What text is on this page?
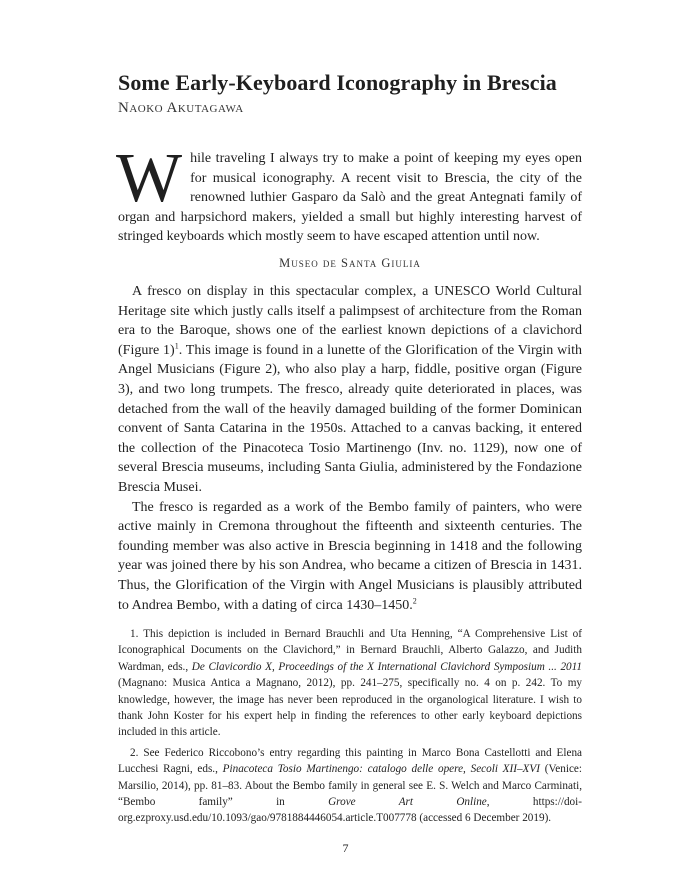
Some Early-Keyboard Iconography in Brescia
Naoko Akutagawa

While traveling I always try to make a point of keeping my eyes open for musical iconography. A recent visit to Brescia, the city of the renowned luthier Gasparo da Salò and the great Antegnati family of organ and harpsichord makers, yielded a small but highly interesting harvest of stringed keyboards which mostly seem to have escaped attention until now.

Museo de Santa Giulia

A fresco on display in this spectacular complex, a UNESCO World Cultural Heritage site which justly calls itself a palimpsest of architecture from the Roman era to the Baroque, shows one of the earliest known depictions of a clavichord (Figure 1)$^1$. This image is found in a lunette of the Glorification of the Virgin with Angel Musicians (Figure 2), who also play a harp, fiddle, positive organ (Figure 3), and two long trumpets. The fresco, already quite deteriorated in places, was detached from the wall of the heavily damaged building of the former Dominican convent of Santa Catarina in the 1950s. Attached to a canvas backing, it entered the collection of the Pinacoteca Tosio Martinengo (Inv. no. 1129), now one of several Brescia museums, including Santa Giulia, administered by the Fondazione Brescia Musei.

The fresco is regarded as a work of the Bembo family of painters, who were active mainly in Cremona throughout the fifteenth and sixteenth centuries. The founding member was also active in Brescia beginning in 1418 and the following year was joined there by his son Andrea, who became a citizen of Brescia in 1431. Thus, the Glorification of the Virgin with Angel Musicians is plausibly attributed to Andrea Bembo, with a dating of circa 1430–1450.$^2$

1. This depiction is included in Bernard Brauchli and Uta Henning, “A Comprehensive List of Iconographical Documents on the Clavichord,” in Bernard Brauchli, Alberto Galazzo, and Judith Wardman, eds., De Clavicordio X, Proceedings of the X International Clavichord Symposium ... 2011 (Magnano: Musica Antica a Magnano, 2012), pp. 241–275, specifically no. 4 on p. 242. To my knowledge, however, the image has never been reproduced in the organological literature. I wish to thank John Koster for his expert help in finding the references to other early keyboard depictions included in this article.

2. See Federico Riccobono’s entry regarding this painting in Marco Bona Castellotti and Elena Lucchesi Ragni, eds., Pinacoteca Tosio Martinengo: catalogo delle opere, Secoli XII–XVI (Venice: Marsilio, 2014), pp. 81–83. About the Bembo family in general see E. S. Welch and Marco Carminati, “Bembo family” in Grove Art Online, https://doi-org.ezproxy.usd.edu/10.1093/gao/9781884446054.article.T007778 (accessed 6 December 2019).

7
